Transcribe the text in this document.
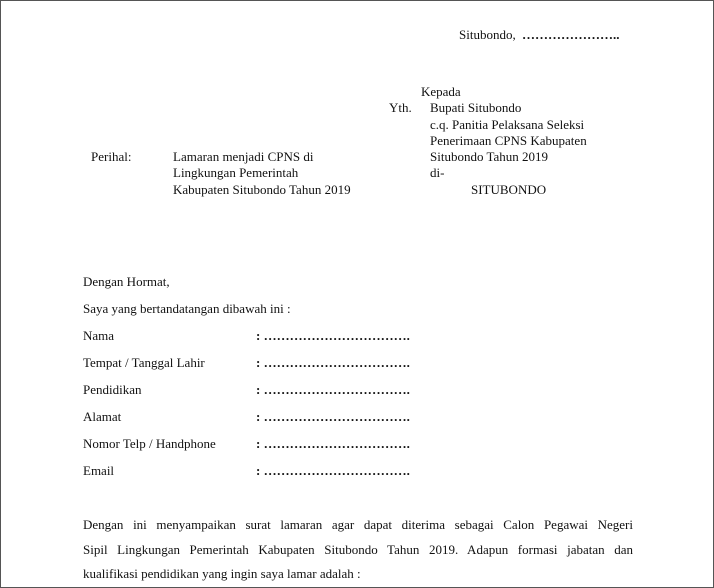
Situbondo, …………………..
Kepada
Yth. Bupati Situbondo
c.q. Panitia Pelaksana Seleksi
Penerimaan CPNS Kabupaten
Situbondo Tahun 2019
di-
SITUBONDO
Perihal:	Lamaran menjadi CPNS di
Lingkungan Pemerintah
Kabupaten Situbondo Tahun 2019
Dengan Hormat,
Saya yang bertandatangan dibawah ini :
Nama	: …………………………….
Tempat / Tanggal Lahir	: …………………………….
Pendidikan	: …………………………….
Alamat	: …………………………….
Nomor Telp / Handphone	: …………………………….
Email	: …………………………….
Dengan ini menyampaikan surat lamaran agar dapat diterima sebagai Calon Pegawai Negeri
Sipil Lingkungan Pemerintah Kabupaten Situbondo Tahun 2019. Adapun formasi jabatan dan
kualifikasi pendidikan yang ingin saya lamar adalah :
